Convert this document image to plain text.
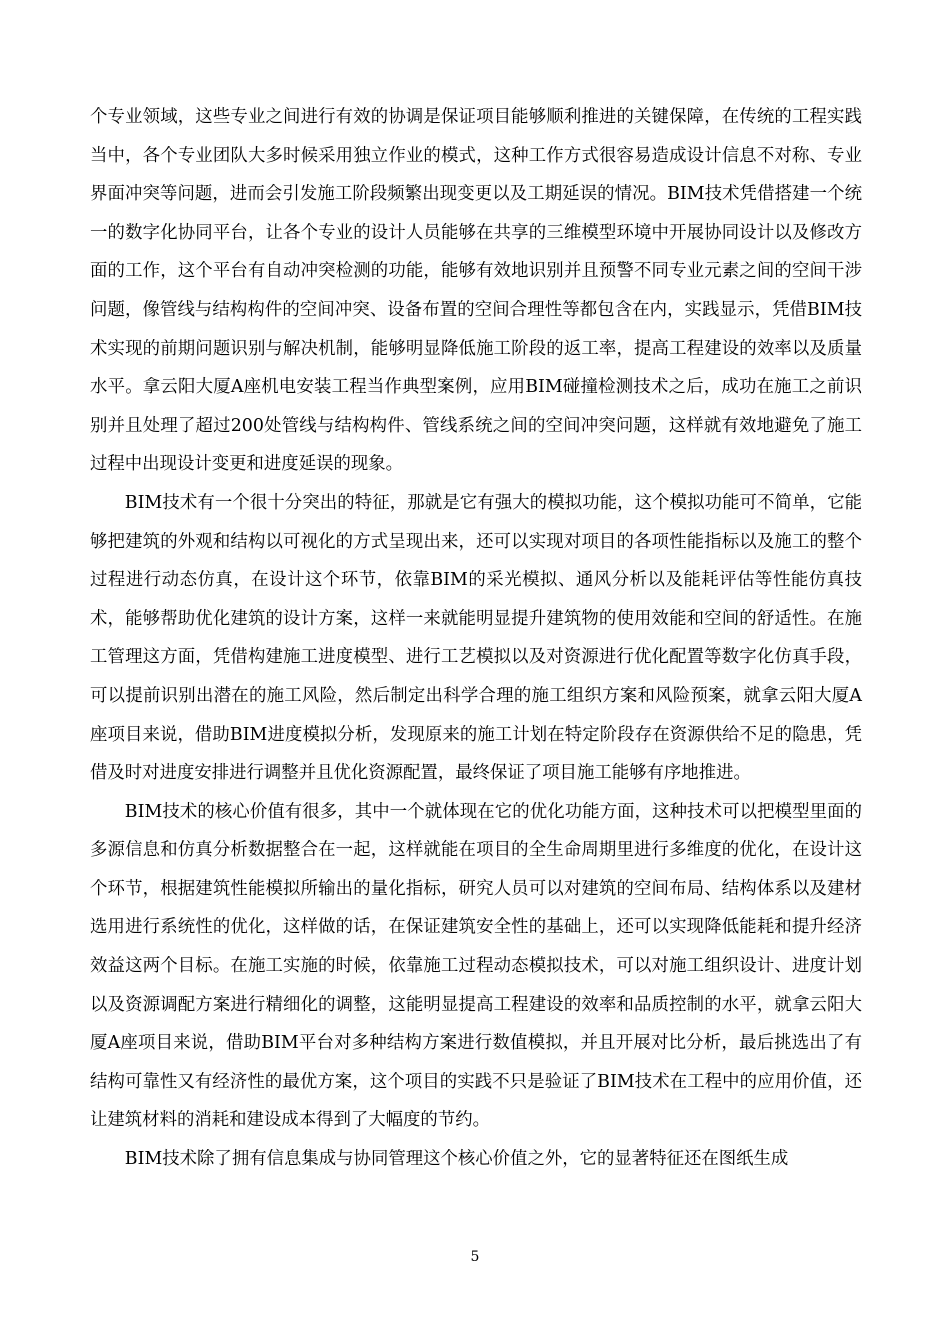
个专业领域，这些专业之间进行有效的协调是保证项目能够顺利推进的关键保障，在传统的工程实践当中，各个专业团队大多时候采用独立作业的模式，这种工作方式很容易造成设计信息不对称、专业界面冲突等问题，进而会引发施工阶段频繁出现变更以及工期延误的情况。BIM技术凭借搭建一个统一的数字化协同平台，让各个专业的设计人员能够在共享的三维模型环境中开展协同设计以及修改方面的工作，这个平台有自动冲突检测的功能，能够有效地识别并且预警不同专业元素之间的空间干涉问题，像管线与结构构件的空间冲突、设备布置的空间合理性等都包含在内，实践显示，凭借BIM技术实现的前期问题识别与解决机制，能够明显降低施工阶段的返工率，提高工程建设的效率以及质量水平。拿云阳大厦A座机电安装工程当作典型案例，应用BIM碰撞检测技术之后，成功在施工之前识别并且处理了超过200处管线与结构构件、管线系统之间的空间冲突问题，这样就有效地避免了施工过程中出现设计变更和进度延误的现象。

BIM技术有一个很十分突出的特征，那就是它有强大的模拟功能，这个模拟功能可不简单，它能够把建筑的外观和结构以可视化的方式呈现出来，还可以实现对项目的各项性能指标以及施工的整个过程进行动态仿真，在设计这个环节，依靠BIM的采光模拟、通风分析以及能耗评估等性能仿真技术，能够帮助优化建筑的设计方案，这样一来就能明显提升建筑物的使用效能和空间的舒适性。在施工管理这方面，凭借构建施工进度模型、进行工艺模拟以及对资源进行优化配置等数字化仿真手段，可以提前识别出潜在的施工风险，然后制定出科学合理的施工组织方案和风险预案，就拿云阳大厦A座项目来说，借助BIM进度模拟分析，发现原来的施工计划在特定阶段存在资源供给不足的隐患，凭借及时对进度安排进行调整并且优化资源配置，最终保证了项目施工能够有序地推进。

BIM技术的核心价值有很多，其中一个就体现在它的优化功能方面，这种技术可以把模型里面的多源信息和仿真分析数据整合在一起，这样就能在项目的全生命周期里进行多维度的优化，在设计这个环节，根据建筑性能模拟所输出的量化指标，研究人员可以对建筑的空间布局、结构体系以及建材选用进行系统性的优化，这样做的话，在保证建筑安全性的基础上，还可以实现降低能耗和提升经济效益这两个目标。在施工实施的时候，依靠施工过程动态模拟技术，可以对施工组织设计、进度计划以及资源调配方案进行精细化的调整，这能明显提高工程建设的效率和品质控制的水平，就拿云阳大厦A座项目来说，借助BIM平台对多种结构方案进行数值模拟，并且开展对比分析，最后挑选出了有结构可靠性又有经济性的最优方案，这个项目的实践不只是验证了BIM技术在工程中的应用价值，还让建筑材料的消耗和建设成本得到了大幅度的节约。

BIM技术除了拥有信息集成与协同管理这个核心价值之外，它的显著特征还在图纸生成

5
